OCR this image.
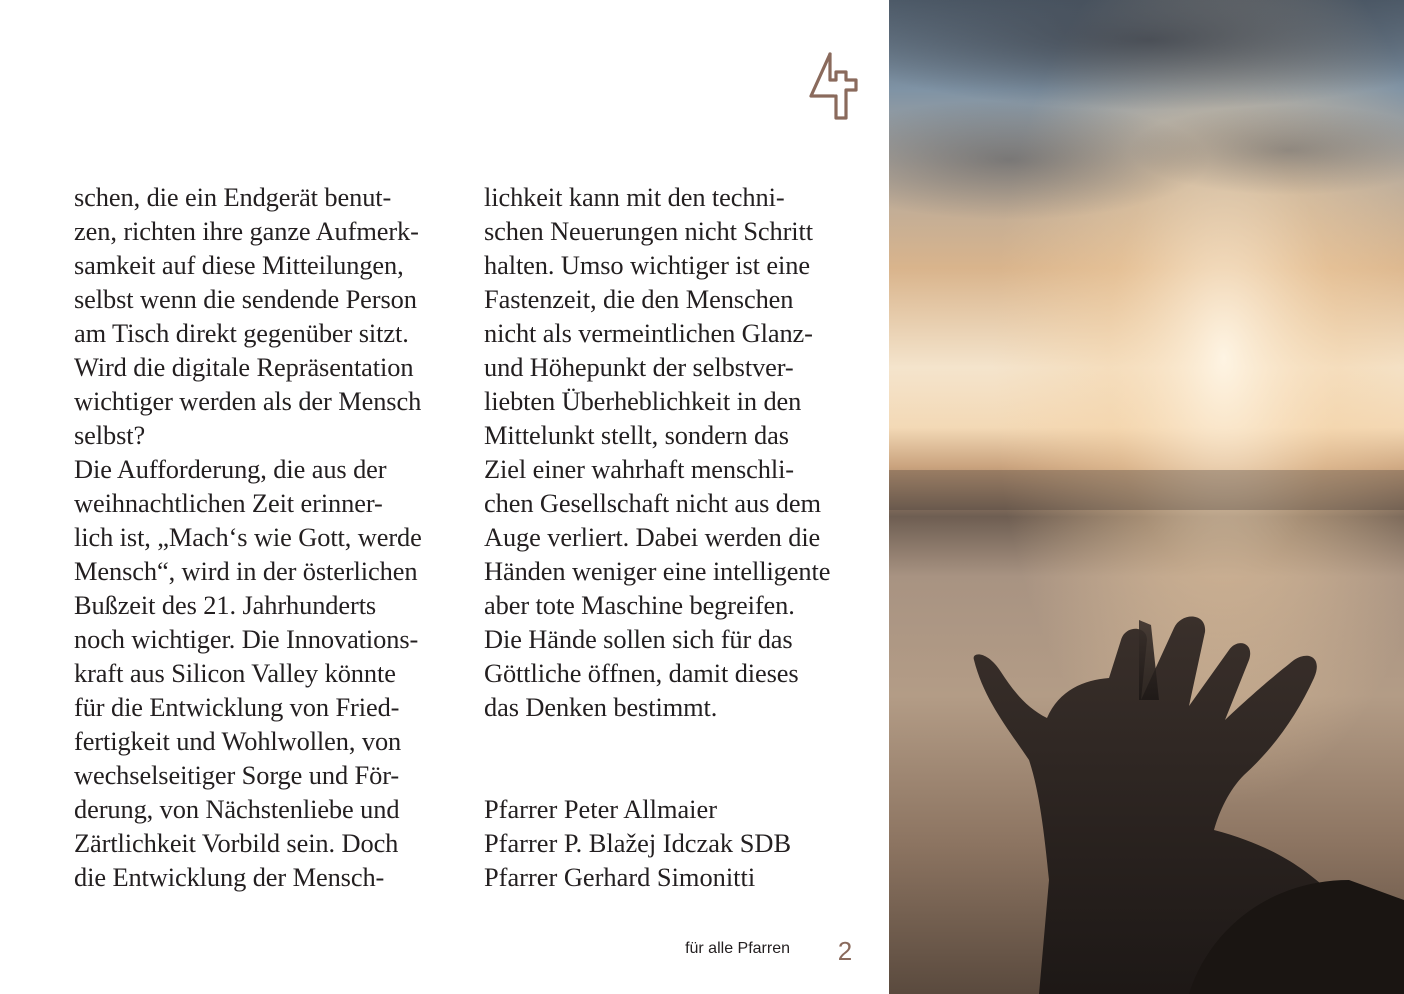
schen, die ein Endgerät benut-
zen, richten ihre ganze Aufmerk-
samkeit auf diese Mitteilungen,
selbst wenn die sendende Person
am Tisch direkt gegenüber sitzt.
Wird die digitale Repräsentation
wichtiger werden als der Mensch
selbst?
Die Aufforderung, die aus der
weihnachtlichen Zeit erinner-
lich ist, „Mach‘s wie Gott, werde
Mensch“, wird in der österlichen
Bußzeit des 21. Jahrhunderts
noch wichtiger. Die Innovations-
kraft aus Silicon Valley könnte
für die Entwicklung von Fried-
fertigkeit und Wohlwollen, von
wechselseitiger Sorge und För-
derung, von Nächstenliebe und
Zärtlichkeit Vorbild sein. Doch
die Entwicklung der Mensch-
lichkeit kann mit den techni-
schen Neuerungen nicht Schritt
halten. Umso wichtiger ist eine
Fastenzeit, die den Menschen
nicht als vermeintlichen Glanz-
und Höhepunkt der selbstver-
liebten Überheblichkeit in den
Mittelunkt stellt, sondern das
Ziel einer wahrhaft menschli-
chen Gesellschaft nicht aus dem
Auge verliert. Dabei werden die
Händen weniger eine intelligente
aber tote Maschine begreifen.
Die Hände sollen sich für das
Göttliche öffnen, damit dieses
das Denken bestimmt.
Pfarrer Peter Allmaier
Pfarrer P. Blažej Idczak SDB
Pfarrer Gerhard Simonitti
für alle Pfarren 2
